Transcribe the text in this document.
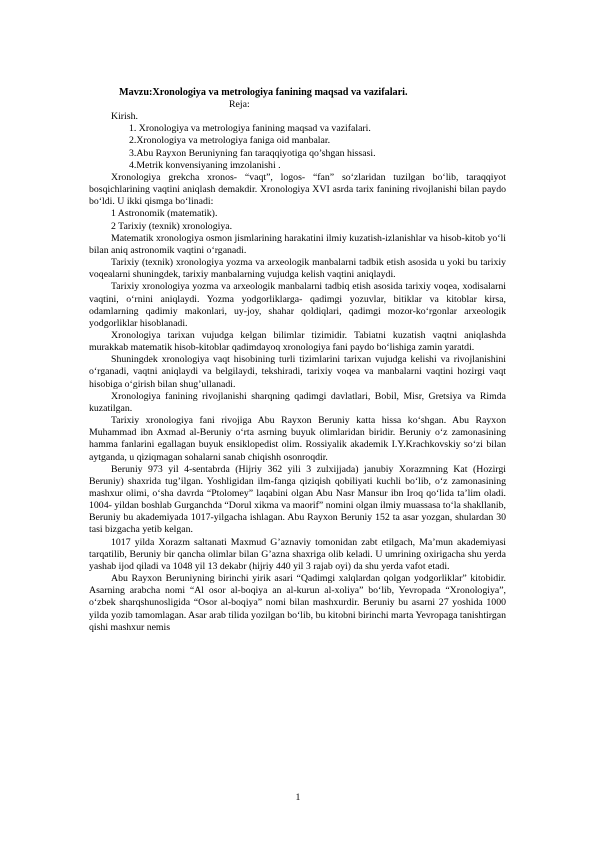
Mavzu:Xronologiya va metrologiya fanining maqsad va vazifalari.
Reja:
Kirish.
1. Xronologiya va metrologiya fanining maqsad va vazifalari.
2.Xronologiya va metrologiya faniga oid manbalar.
3.Abu Rayxon Beruniyning fan taraqqiyotiga qo’shgan hissasi.
4.Metrik konvensiyaning imzolanishi .

Xronologiya grekcha xronos- “vaqt”, logos- “fan” so‘zlaridan tuzilgan bo‘lib, taraqqiyot bosqichlarining vaqtini aniqlash demakdir. Xronologiya XVI asrda tarix fanining rivojlanishi bilan paydo bo‘ldi. U ikki qismga bo‘linadi:

1 Astronomik (matematik).
2 Tarixiy (texnik) xronologiya.

Matematik xronologiya osmon jismlarining harakatini ilmiy kuzatish-izlanishlar va hisob-kitob yo‘li bilan aniq astronomik vaqtini o‘rganadi.

Tarixiy (texnik) xronologiya yozma va arxeologik manbalarni tadbik etish asosida u yoki bu tarixiy voqealarni shuningdek, tarixiy manbalarning vujudga kelish vaqtini aniqlaydi.

Tarixiy xronologiya yozma va arxeologik manbalarni tadbiq etish asosida tarixiy voqea, xodisalarni vaqtini, o‘rnini aniqlaydi. Yozma yodgorliklarga- qadimgi yozuvlar, bitiklar va kitoblar kirsa, odamlarning qadimiy makonlari, uy-joy, shahar qoldiqlari, qadimgi mozor-ko‘rgonlar arxeologik yodgorliklar hisoblanadi.

Xronologiya tarixan vujudga kelgan bilimlar tizimidir. Tabiatni kuzatish vaqtni aniqlashda murakkab matematik hisob-kitoblar qadimdayoq xronologiya fani paydo bo‘lishiga zamin yaratdi.

Shuningdek xronologiya vaqt hisobining turli tizimlarini tarixan vujudga kelishi va rivojlanishini o‘rganadi, vaqtni aniqlaydi va belgilaydi, tekshiradi, tarixiy voqea va manbalarni vaqtini hozirgi vaqt hisobiga o‘girish bilan shug’ullanadi.

Xronologiya fanining rivojlanishi sharqning qadimgi davlatlari, Bobil, Misr, Gretsiya va Rimda kuzatilgan.

Tarixiy xronologiya fani rivojiga Abu Rayxon Beruniy katta hissa ko‘shgan. Abu Rayxon Muhammad ibn Axmad al-Beruniy o‘rta asrning buyuk olimlaridan biridir. Beruniy o‘z zamonasining hamma fanlarini egallagan buyuk ensiklopedist olim. Rossiyalik akademik I.Y.Krachkovskiy so‘zi bilan aytganda, u qiziqmagan sohalarni sanab chiqishh osonroqdir.

Beruniy 973 yil 4-sentabrda (Hijriy 362 yili 3 zulxijjada) janubiy Xorazmning Kat (Hozirgi Beruniy) shaxrida tug’ilgan. Yoshligidan ilm-fanga qiziqish qobiliyati kuchli bo‘lib, o‘z zamonasining mashxur olimi, o‘sha davrda “Ptolomey” laqabini olgan Abu Nasr Mansur ibn Iroq qo‘lida ta’lim oladi. 1004- yildan boshlab Gurganchda “Dorul xikma va maorif” nomini olgan ilmiy muassasa to‘la shakllanib, Beruniy bu akademiyada 1017-yilgacha ishlagan. Abu Rayxon Beruniy 152 ta asar yozgan, shulardan 30 tasi bizgacha yetib kelgan.

1017 yilda Xorazm saltanati Maxmud G’aznaviy tomonidan zabt etilgach, Ma’mun akademiyasi tarqatilib, Beruniy bir qancha olimlar bilan G’azna shaxriga olib keladi. U umrining oxirigacha shu yerda yashab ijod qiladi va 1048 yil 13 dekabr (hijriy 440 yil 3 rajab oyi) da shu yerda vafot etadi.

Abu Rayxon Beruniyning birinchi yirik asari “Qadimgi xalqlardan qolgan yodgorliklar” kitobidir. Asarning arabcha nomi “Al osor al-boqiya an al-kurun al-xoliya” bo‘lib, Yevropada “Xronologiya”, o‘zbek sharqshunosligida “Osor al-boqiya” nomi bilan mashxurdir. Beruniy bu asarni 27 yoshida 1000 yilda yozib tamomlagan. Asar arab tilida yozilgan bo‘lib, bu kitobni birinchi marta Yevropaga tanishtirgan qishi mashxur nemis

1
